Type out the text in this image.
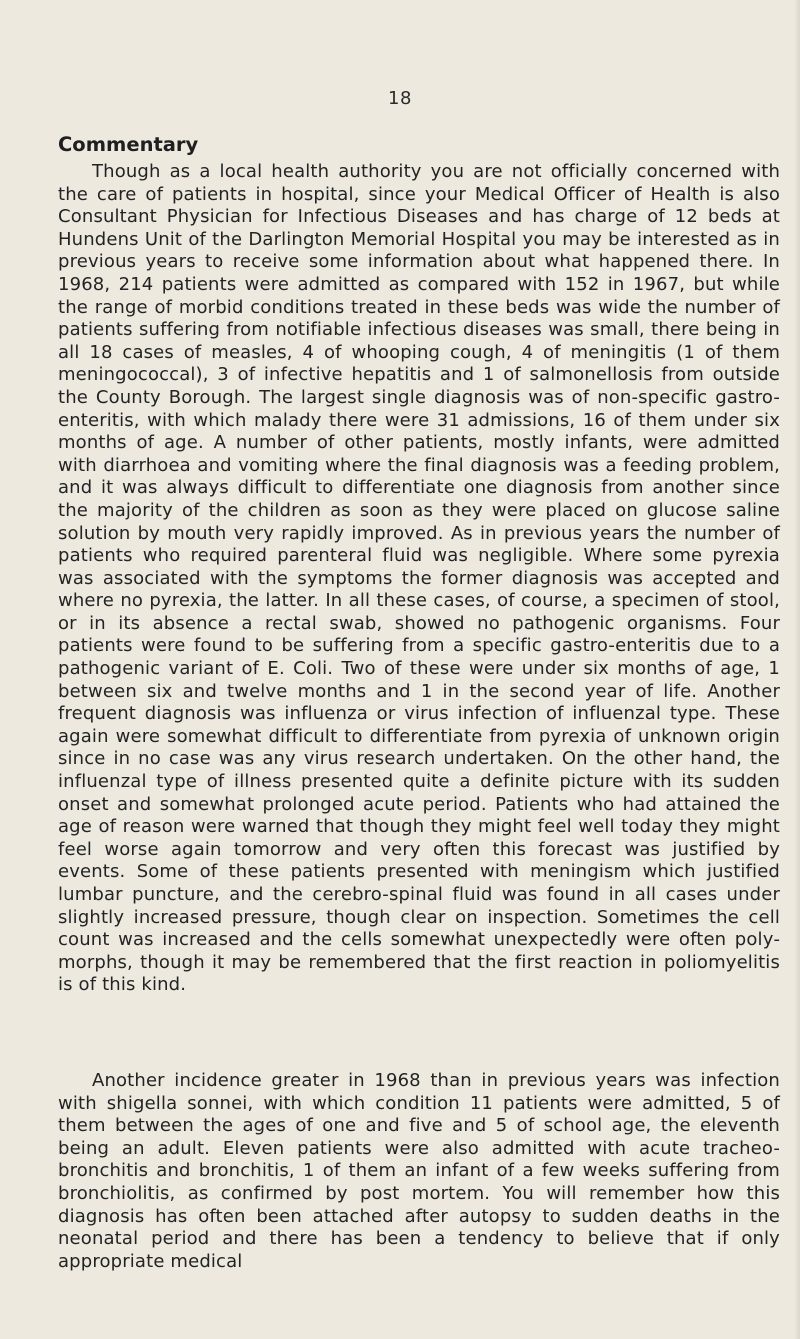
18
Commentary

Though as a local health authority you are not officially concerned with the care of patients in hospital, since your Medical Officer of Health is also Consultant Physician for Infectious Diseases and has charge of 12 beds at Hundens Unit of the Darlington Memorial Hospital you may be interested as in previous years to receive some information about what happened there. In 1968, 214 patients were admitted as compared with 152 in 1967, but while the range of morbid conditions treated in these beds was wide the number of patients suffering from notifiable infectious diseases was small, there being in all 18 cases of measles, 4 of whooping cough, 4 of meningitis (1 of them meningococcal), 3 of infective hepatitis and 1 of salmonellosis from outside the County Borough. The largest single diagnosis was of non-specific gastro-enteritis, with which malady there were 31 admissions, 16 of them under six months of age. A number of other patients, mostly infants, were admitted with diarrhoea and vomiting where the final diagnosis was a feeding problem, and it was always difficult to differentiate one diagnosis from another since the majority of the children as soon as they were placed on glucose saline solution by mouth very rapidly improved. As in previous years the number of patients who required parenteral fluid was negligible. Where some pyrexia was associated with the symptoms the former diagnosis was accepted and where no pyrexia, the latter. In all these cases, of course, a specimen of stool, or in its absence a rectal swab, showed no pathogenic organisms. Four patients were found to be suffering from a specific gastro-enteritis due to a pathogenic variant of E. Coli. Two of these were under six months of age, 1 between six and twelve months and 1 in the second year of life. Another frequent diagnosis was influenza or virus infection of influenzal type. These again were somewhat difficult to differentiate from pyrexia of unknown origin since in no case was any virus research undertaken. On the other hand, the influenzal type of illness presented quite a definite picture with its sudden onset and somewhat prolonged acute period. Patients who had attained the age of reason were warned that though they might feel well today they might feel worse again tomorrow and very often this forecast was justified by events. Some of these patients presented with meningism which justified lumbar puncture, and the cerebro-spinal fluid was found in all cases under slightly increased pressure, though clear on inspection. Sometimes the cell count was increased and the cells somewhat unexpectedly were often polymorphs, though it may be remembered that the first reaction in poliomyelitis is of this kind.

Another incidence greater in 1968 than in previous years was infection with shigella sonnei, with which condition 11 patients were admitted, 5 of them between the ages of one and five and 5 of school age, the eleventh being an adult. Eleven patients were also admitted with acute tracheo-bronchitis and bronchitis, 1 of them an infant of a few weeks suffering from bronchiolitis, as confirmed by post mortem. You will remember how this diagnosis has often been attached after autopsy to sudden deaths in the neonatal period and there has been a tendency to believe that if only appropriate medical
